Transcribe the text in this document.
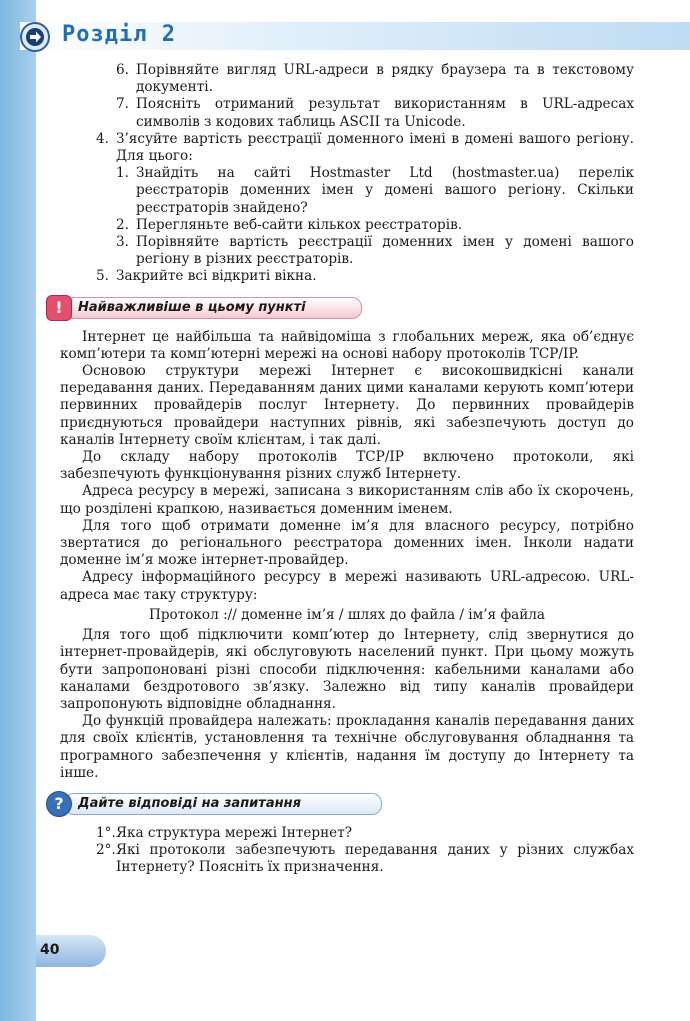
Розділ 2
6. Порівняйте вигляд URL-адреси в рядку браузера та в текстовому документі.
7. Поясніть отриманий результат використанням в URL-адресах символів з кодових таблиць ASCII та Unicode.
4. З’ясуйте вартість реєстрації доменного імені в домені вашого регіону. Для цього:
1. Знайдіть на сайті Hostmaster Ltd (hostmaster.ua) перелік реєстраторів доменних імен у домені вашого регіону. Скільки реєстраторів знайдено?
2. Перегляньте веб-сайти кількох реєстраторів.
3. Порівняйте вартість реєстрації доменних імен у домені вашого регіону в різних реєстраторів.
5. Закрийте всі відкриті вікна.
!	Найважливіше в цьому пункті

Інтернет це найбільша та найвідоміша з глобальних мереж, яка об’єднує комп’ютери та комп’ютерні мережі на основі набору протоколів TCP/IP.

Основою структури мережі Інтернет є високошвидкісні канали передавання даних. Передаванням даних цими каналами керують комп’ютери первинних провайдерів послуг Інтернету. До первинних провайдерів приєднуються провайдери наступних рівнів, які забезпечують доступ до каналів Інтернету своїм клієнтам, і так далі.

До складу набору протоколів TCP/IP включено протоколи, які забезпечують функціонування різних служб Інтернету.

Адреса ресурсу в мережі, записана з використанням слів або їх скорочень, що розділені крапкою, називається доменним іменем.

Для того щоб отримати доменне ім’я для власного ресурсу, потрібно звертатися до регіонального реєстратора доменних імен. Інколи надати доменне ім’я може інтернет-провайдер.

Адресу інформаційного ресурсу в мережі називають URL-адресою. URL-адреса має таку структуру:

Протокол :// доменне ім’я / шлях до файла / ім’я файла

Для того щоб підключити комп’ютер до Інтернету, слід звернутися до інтернет-провайдерів, які обслуговують населений пункт. При цьому можуть бути запропоновані різні способи підключення: кабельними каналами або каналами бездротового зв’язку. Залежно від типу каналів провайдери запропонують відповідне обладнання.

До функцій провайдера належать: прокладання каналів передавання даних для своїх клієнтів, установлення та технічне обслуговування обладнання та програмного забезпечення у клієнтів, надання їм доступу до Інтернету та інше.

?	Дайте відповіді на запитання
1°. Яка структура мережі Інтернет?
2°. Які протоколи забезпечують передавання даних у різних службах Інтернету? Поясніть їх призначення.
40
